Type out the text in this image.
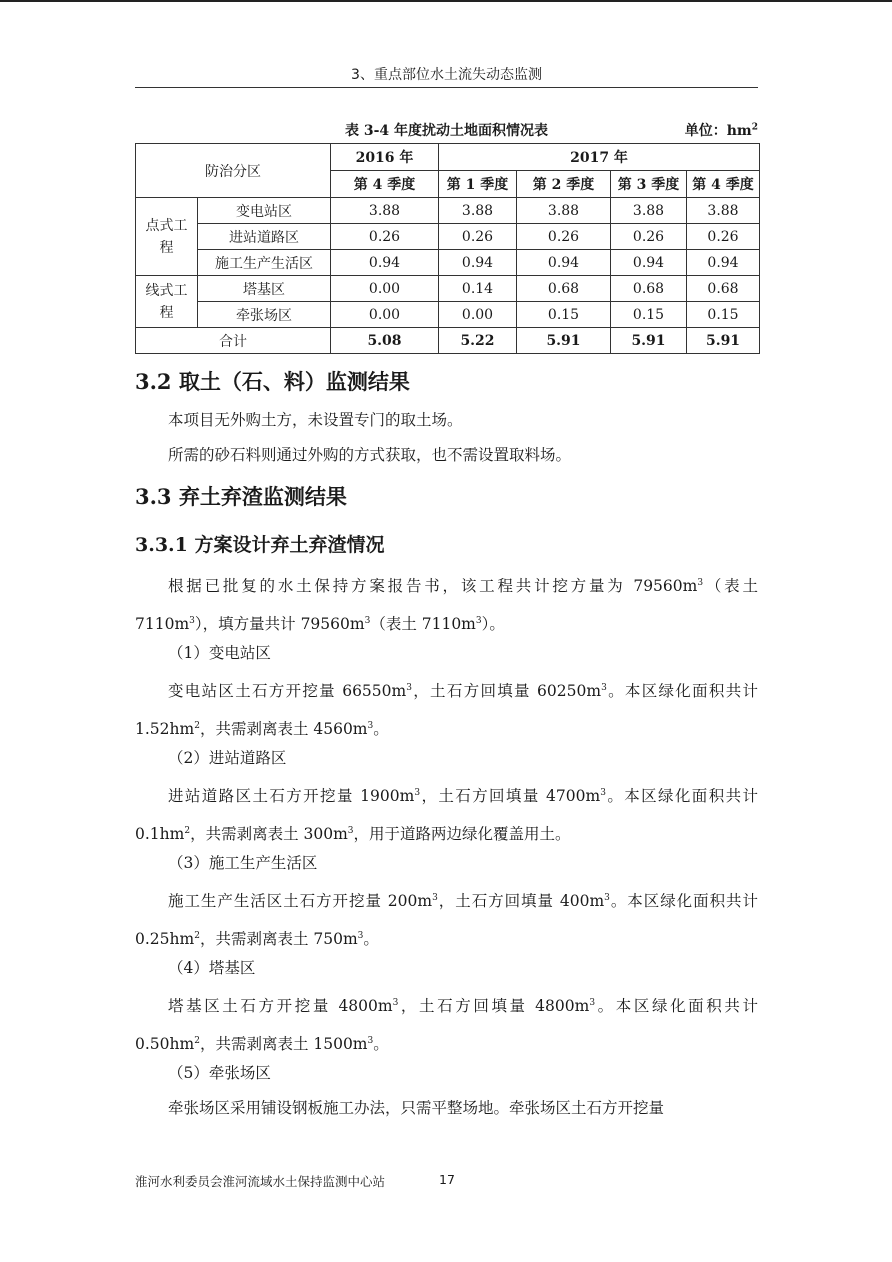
3、重点部位水土流失动态监测
表 3-4 年度扰动土地面积情况表	单位：$hm^2$
防治分区		2016 年	2017 年			
		第 4 季度	第 1 季度	第 2 季度	第 3 季度	第 4 季度
点式工程	变电站区	3.88	3.88	3.88	3.88	3.88
	进站道路区	0.26	0.26	0.26	0.26	0.26
	施工生产生活区	0.94	0.94	0.94	0.94	0.94
线式工程	塔基区	0.00	0.14	0.68	0.68	0.68
	牵张场区	0.00	0.00	0.15	0.15	0.15
合计		5.08	5.22	5.91	5.91	5.91
3.2 取土（石、料）监测结果

本项目无外购土方，未设置专门的取土场。

所需的砂石料则通过外购的方式获取，也不需设置取料场。

3.3 弃土弃渣监测结果
3.3.1 方案设计弃土弃渣情况

根据已批复的水土保持方案报告书，该工程共计挖方量为 $79560m^3$（表土 $7110m^3$），填方量共计 $79560m^3$（表土 $7110m^3$）。

（1）变电站区

变电站区土石方开挖量 $66550m^3$，土石方回填量 $60250m^3$。本区绿化面积共计 $1.52hm^2$，共需剥离表土 $4560m^3$。

（2）进站道路区

进站道路区土石方开挖量 $1900m^3$，土石方回填量 $4700m^3$。本区绿化面积共计 $0.1hm^2$，共需剥离表土 $300m^3$，用于道路两边绿化覆盖用土。

（3）施工生产生活区

施工生产生活区土石方开挖量 $200m^3$，土石方回填量 $400m^3$。本区绿化面积共计 $0.25hm^2$，共需剥离表土 $750m^3$。

（4）塔基区

塔基区土石方开挖量 $4800m^3$，土石方回填量 $4800m^3$。本区绿化面积共计 $0.50hm^2$，共需剥离表土 $1500m^3$。

（5）牵张场区

牵张场区采用铺设钢板施工办法，只需平整场地。牵张场区土石方开挖量

淮河水利委员会淮河流域水土保持监测中心站	17
